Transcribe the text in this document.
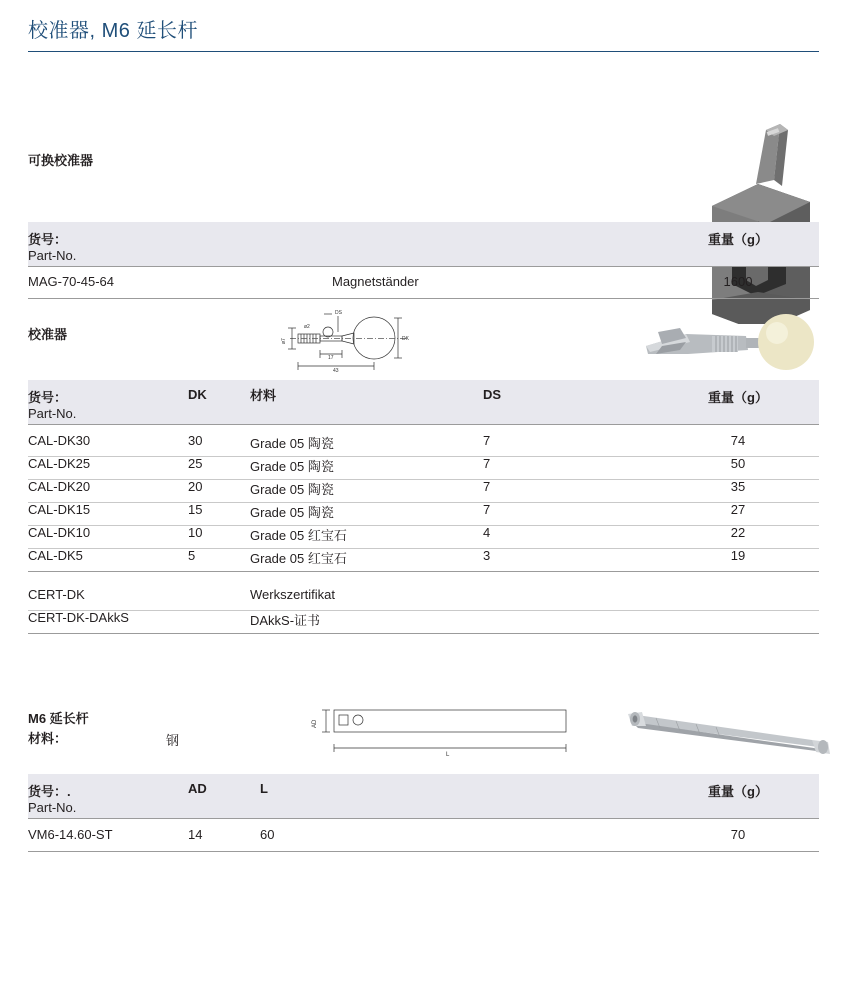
校准器, M6 延长杆
可换校准器
货号：
Part-No.
重量（g）
MAG-70-45-64	Magnetständer	1600
校准器	ø7
ø2
DS
17
43
DK
货号：
Part-No.
DK	材料	DS	重量（g）
CAL-DK30	30	Grade 05 陶瓷	7	74
CAL-DK25	25	Grade 05 陶瓷	7	50
CAL-DK20	20	Grade 05 陶瓷	7	35
CAL-DK15	15	Grade 05 陶瓷	7	27
CAL-DK10	10	Grade 05 红宝石	4	22
CAL-DK5	5	Grade 05 红宝石	3	19
CERT-DK	Werkszertifikat
CERT-DK-DAkkS	DAkkS-证书
M6 延长杆
材料：	钢
AD
L
货号：.
Part-No.
AD	L	重量（g）
VM6-14.60-ST	14	60	70
